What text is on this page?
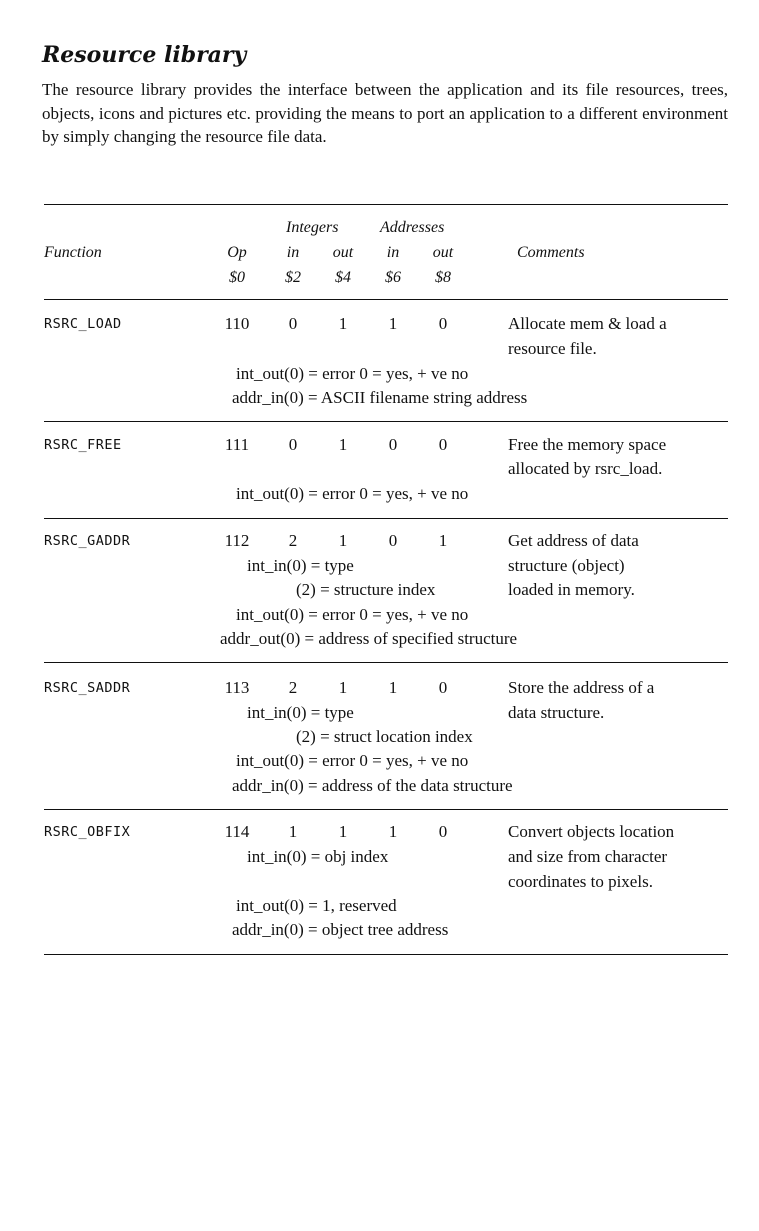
Resource library

The resource library provides the interface between the application and its file resources, trees, objects, icons and pictures etc. providing the means to port an application to a different environment by simply changing the resource file data.

Integers	Addresses
Function	Op	in	out	in	out	Comments
$0	$2	$4	$6	$8
RSRC_LOAD	110	0	1	1	0	Allocate mem & load a
resource file.
int_out(0) = error 0 = yes, + ve no
addr_in(0) = ASCII filename string address
RSRC_FREE	111	0	1	0	0	Free the memory space
allocated by rsrc_load.
int_out(0) = error 0 = yes, + ve no
RSRC_GADDR	112	2	1	0	1	Get address of data
structure (object)
loaded in memory.
int_in(0) = type
(2) = structure index
int_out(0) = error 0 = yes, + ve no
addr_out(0) = address of specified structure
RSRC_SADDR	113	2	1	1	0	Store the address of a
data structure.
int_in(0) = type
(2) = struct location index
int_out(0) = error 0 = yes, + ve no
addr_in(0) = address of the data structure
RSRC_OBFIX	114	1	1	1	0	Convert objects location
and size from character
coordinates to pixels.
int_in(0) = obj index
int_out(0) = 1, reserved
addr_in(0) = object tree address
